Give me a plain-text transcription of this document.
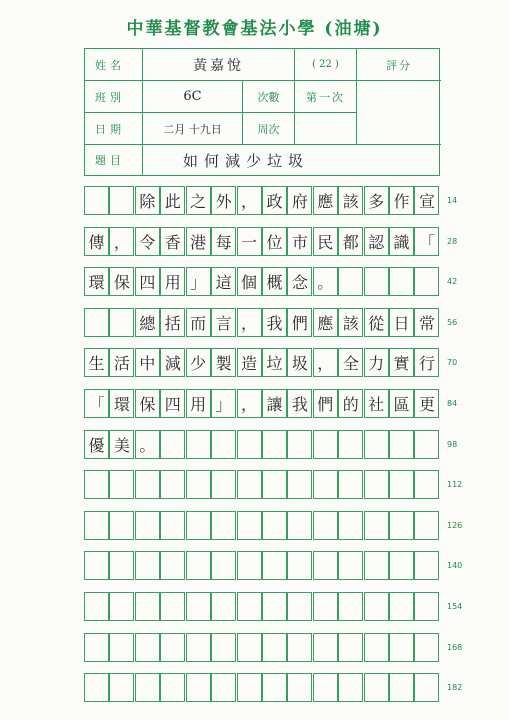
中華基督教會基法小學 (油塘)
姓名	黃嘉悅	( 22 )	評分
班別	6C	次數	第一次
日期	二月 十九日	周次
題目	如何減少垃圾
除 此 之 外 ， 政 府 應 該 多 作 宣	14
傳 ， 令 香 港 每 一 位 市 民 都 認 識 「	28
環 保 四 用 」 這 個 概 念 。	42
總 括 而 言 ， 我 們 應 該 從 日 常	56
生 活 中 減 少 製 造 垃 圾 ， 全 力 實 行	70
「 環 保 四 用 」 ， 讓 我 們 的 社 區 更	84
優 美 。	98
112
126
140
154
168
182
